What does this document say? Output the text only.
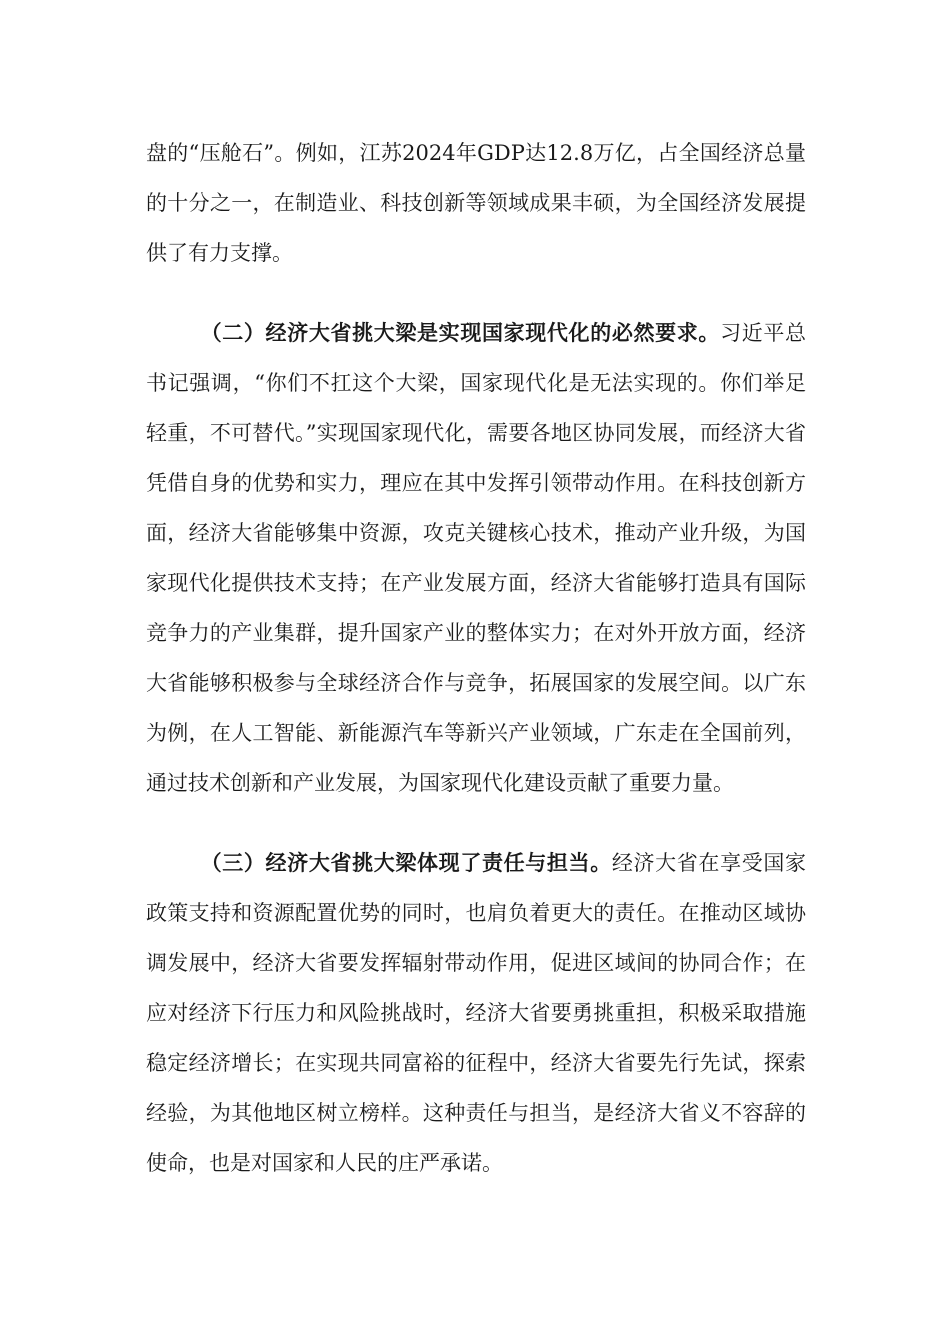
盘的“压舱石”。例如，江苏2024年GDP达12.8万亿，占全国经济总量的十分之一，在制造业、科技创新等领域成果丰硕，为全国经济发展提供了有力支撑。

（二）经济大省挑大梁是实现国家现代化的必然要求。习近平总书记强调，“你们不扛这个大梁，国家现代化是无法实现的。你们举足轻重，不可替代。”实现国家现代化，需要各地区协同发展，而经济大省凭借自身的优势和实力，理应在其中发挥引领带动作用。在科技创新方面，经济大省能够集中资源，攻克关键核心技术，推动产业升级，为国家现代化提供技术支持；在产业发展方面，经济大省能够打造具有国际竞争力的产业集群，提升国家产业的整体实力；在对外开放方面，经济大省能够积极参与全球经济合作与竞争，拓展国家的发展空间。以广东为例，在人工智能、新能源汽车等新兴产业领域，广东走在全国前列，通过技术创新和产业发展，为国家现代化建设贡献了重要力量。

（三）经济大省挑大梁体现了责任与担当。经济大省在享受国家政策支持和资源配置优势的同时，也肩负着更大的责任。在推动区域协调发展中，经济大省要发挥辐射带动作用，促进区域间的协同合作；在应对经济下行压力和风险挑战时，经济大省要勇挑重担，积极采取措施稳定经济增长；在实现共同富裕的征程中，经济大省要先行先试，探索经验，为其他地区树立榜样。这种责任与担当，是经济大省义不容辞的使命，也是对国家和人民的庄严承诺。
